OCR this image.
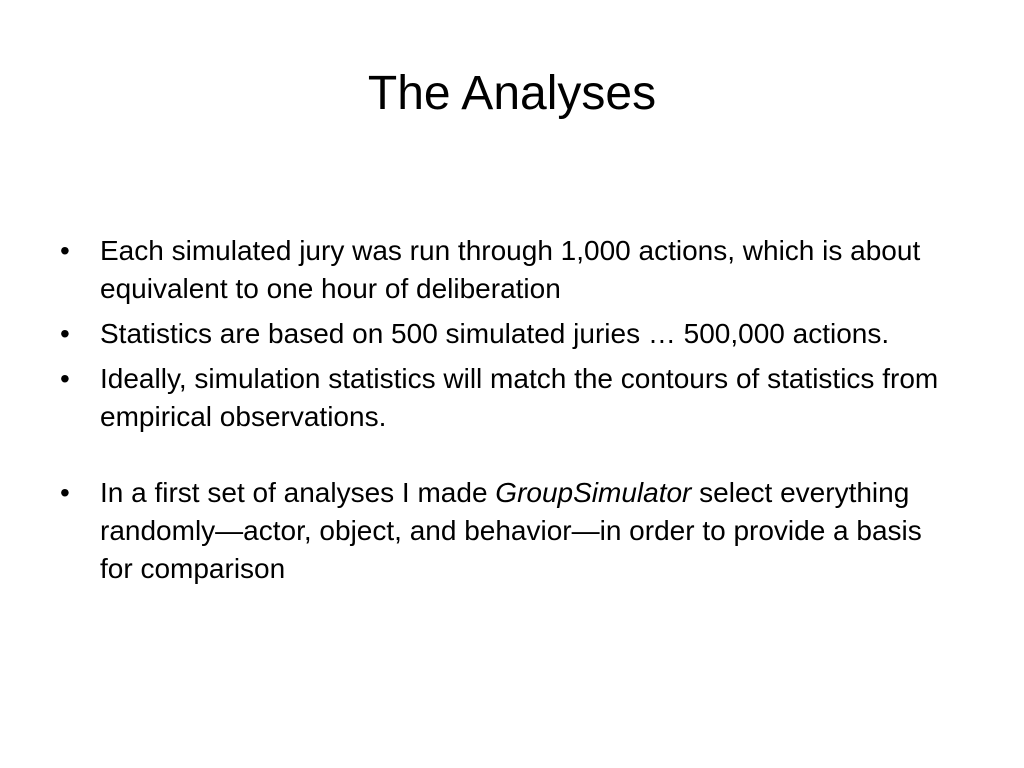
The Analyses
•	Each simulated jury was run through 1,000 actions, which is about equivalent to one hour of deliberation
•	Statistics are based on 500 simulated juries … 500,000 actions.
•	Ideally, simulation statistics will match the contours of statistics from empirical observations.
•	In a first set of analyses I made GroupSimulator select everything randomly—actor, object, and behavior—in order to provide a basis for comparison
